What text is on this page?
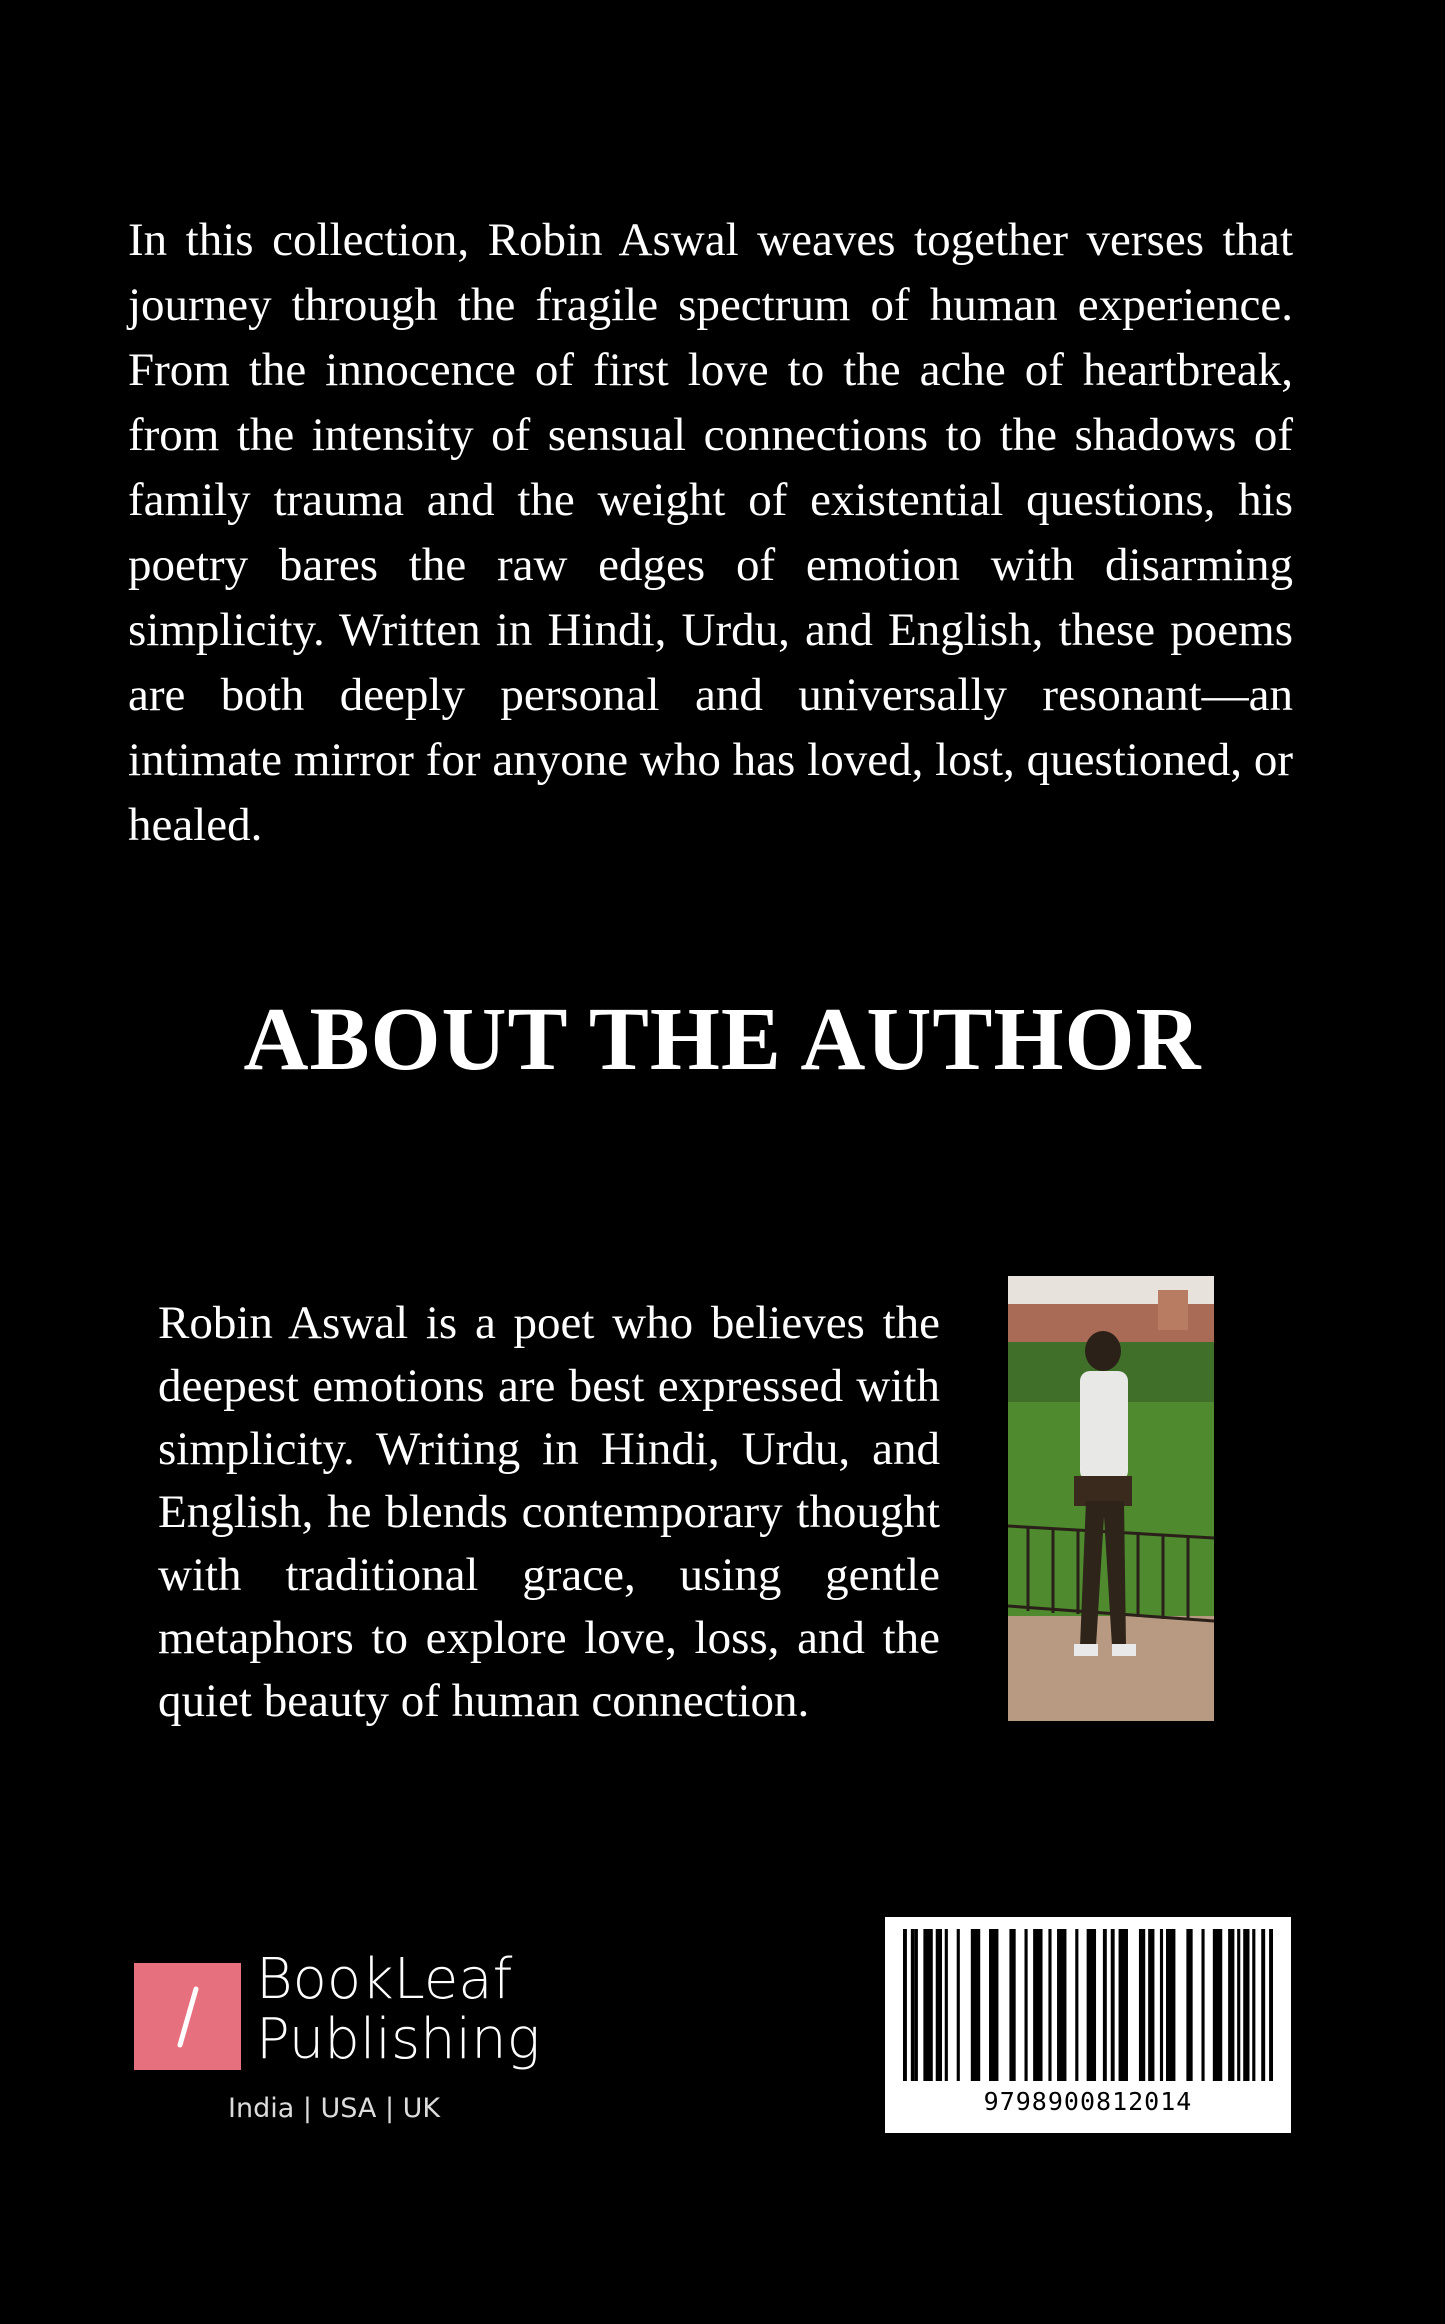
In this collection, Robin Aswal weaves together verses that journey through the fragile spectrum of human experience. From the innocence of first love to the ache of heartbreak, from the intensity of sensual connections to the shadows of family trauma and the weight of existential questions, his poetry bares the raw edges of emotion with disarming simplicity. Written in Hindi, Urdu, and English, these poems are both deeply personal and universally resonant—an intimate mirror for anyone who has loved, lost, questioned, or healed.

ABOUT THE AUTHOR

Robin Aswal is a poet who believes the deepest emotions are best expressed with simplicity. Writing in Hindi, Urdu, and English, he blends contemporary thought with traditional grace, using gentle metaphors to explore love, loss, and the quiet beauty of human connection.

BookLeaf
Publishing
India | USA | UK	9798900812014
